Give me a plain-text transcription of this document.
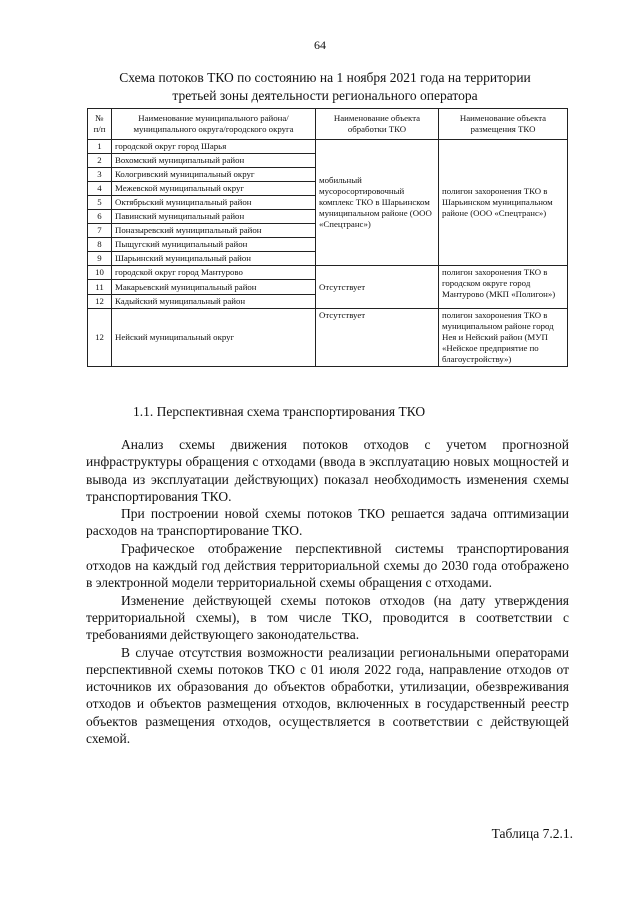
64
Схема потоков ТКО по состоянию на 1 ноября 2021 года на территории
третьей зоны деятельности регионального оператора
№ п/п	Наименование муниципального района/ муниципального округа/городского округа	Наименование объекта обработки ТКО	Наименование объекта размещения ТКО
1	городской округ город Шарья	мобильный мусоросортировочный комплекс ТКО в Шарьинском муниципальном районе (ООО «Спецтранс»)	полигон захоронения ТКО в Шарьинском муниципальном районе (ООО «Спецтранс»)
2	Вохомский муниципальный район		
3	Кологривский муниципальный округ		
4	Межевской муниципальный округ		
5	Октябрьский муниципальный район		
6	Павинский муниципальный район		
7	Поназыревский муниципальный район		
8	Пыщугский муниципальный район		
9	Шарьинский муниципальный район		
10	городской округ город Мантурово	Отсутствует	полигон захоронения ТКО в городском округе город Мантурово (МКП «Полигон»)
11	Макарьевский муниципальный район		
12	Кадыйский муниципальный район		
12	Нейский муниципальный округ	Отсутствует	полигон захоронения ТКО в муниципальном районе город Нея и Нейский район (МУП «Нейское предприятие по благоустройству»)
1.1. Перспективная схема транспортирования ТКО

Анализ схемы движения потоков отходов с учетом прогнозной инфраструктуры обращения с отходами (ввода в эксплуатацию новых мощностей и вывода из эксплуатации действующих) показал необходимость изменения схемы транспортирования ТКО.

При построении новой схемы потоков ТКО решается задача оптимизации расходов на транспортирование ТКО.

Графическое отображение перспективной системы транспортирования отходов на каждый год действия территориальной схемы до 2030 года отображено в электронной модели территориальной схемы обращения с отходами.

Изменение действующей схемы потоков отходов (на дату утверждения территориальной схемы), в том числе ТКО, проводится в соответствии с требованиями действующего законодательства.

В случае отсутствия возможности реализации региональными операторами перспективной схемы потоков ТКО с 01 июля 2022 года, направление отходов от источников их образования до объектов обработки, утилизации, обезвреживания отходов и объектов размещения отходов, включенных в государственный реестр объектов размещения отходов, осуществляется в соответствии с действующей схемой.

Таблица 7.2.1.
